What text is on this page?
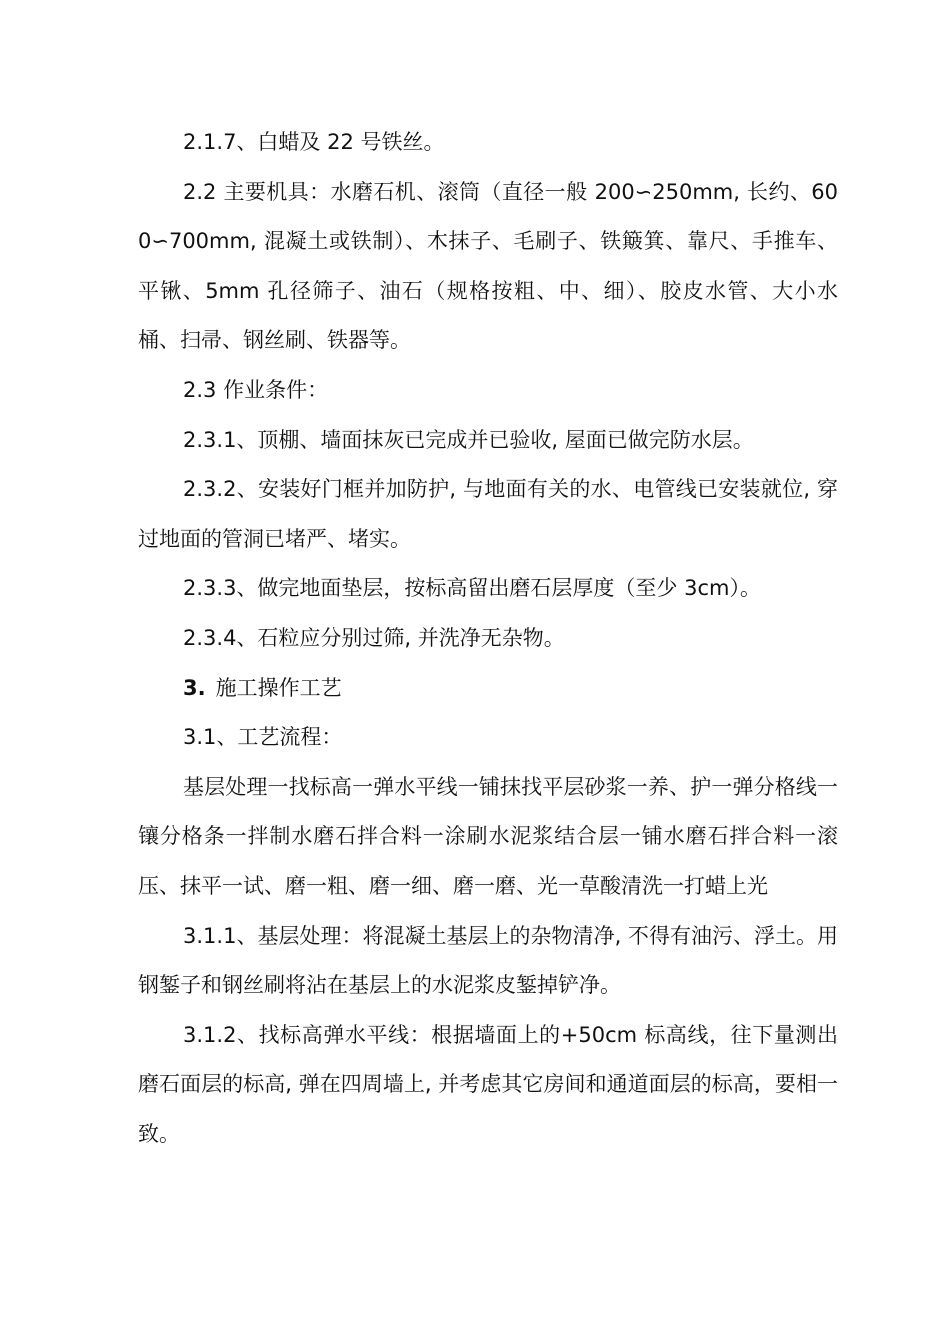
2.1.7、白蜡及 22 号铁丝。

2.2 主要机具：水磨石机、滚筒（直径一般 200∽250mm, 长约、600∽700mm, 混凝土或铁制）、木抹子、毛刷子、铁簸箕、靠尺、手推车、平锹、5mm 孔径筛子、油石（规格按粗、中、细）、胶皮水管、大小水桶、扫帚、钢丝刷、铁器等。

2.3 作业条件：

2.3.1、顶棚、墙面抹灰已完成并已验收, 屋面已做完防水层。

2.3.2、安装好门框并加防护, 与地面有关的水、电管线已安装就位, 穿过地面的管洞已堵严、堵实。

2.3.3、做完地面垫层，按标高留出磨石层厚度（至少 3cm）。

2.3.4、石粒应分别过筛, 并洗净无杂物。

3. 施工操作工艺

3.1、工艺流程：

基层处理一找标高一弹水平线一铺抹找平层砂浆一养、护一弹分格线一镶分格条一拌制水磨石拌合料一涂刷水泥浆结合层一铺水磨石拌合料一滚压、抹平一试、磨一粗、磨一细、磨一磨、光一草酸清洗一打蜡上光

3.1.1、基层处理：将混凝土基层上的杂物清净, 不得有油污、浮土。用钢錾子和钢丝刷将沾在基层上的水泥浆皮錾掉铲净。

3.1.2、找标高弹水平线：根据墙面上的+50cm 标高线，往下量测出磨石面层的标高, 弹在四周墙上, 并考虑其它房间和通道面层的标高，要相一致。
